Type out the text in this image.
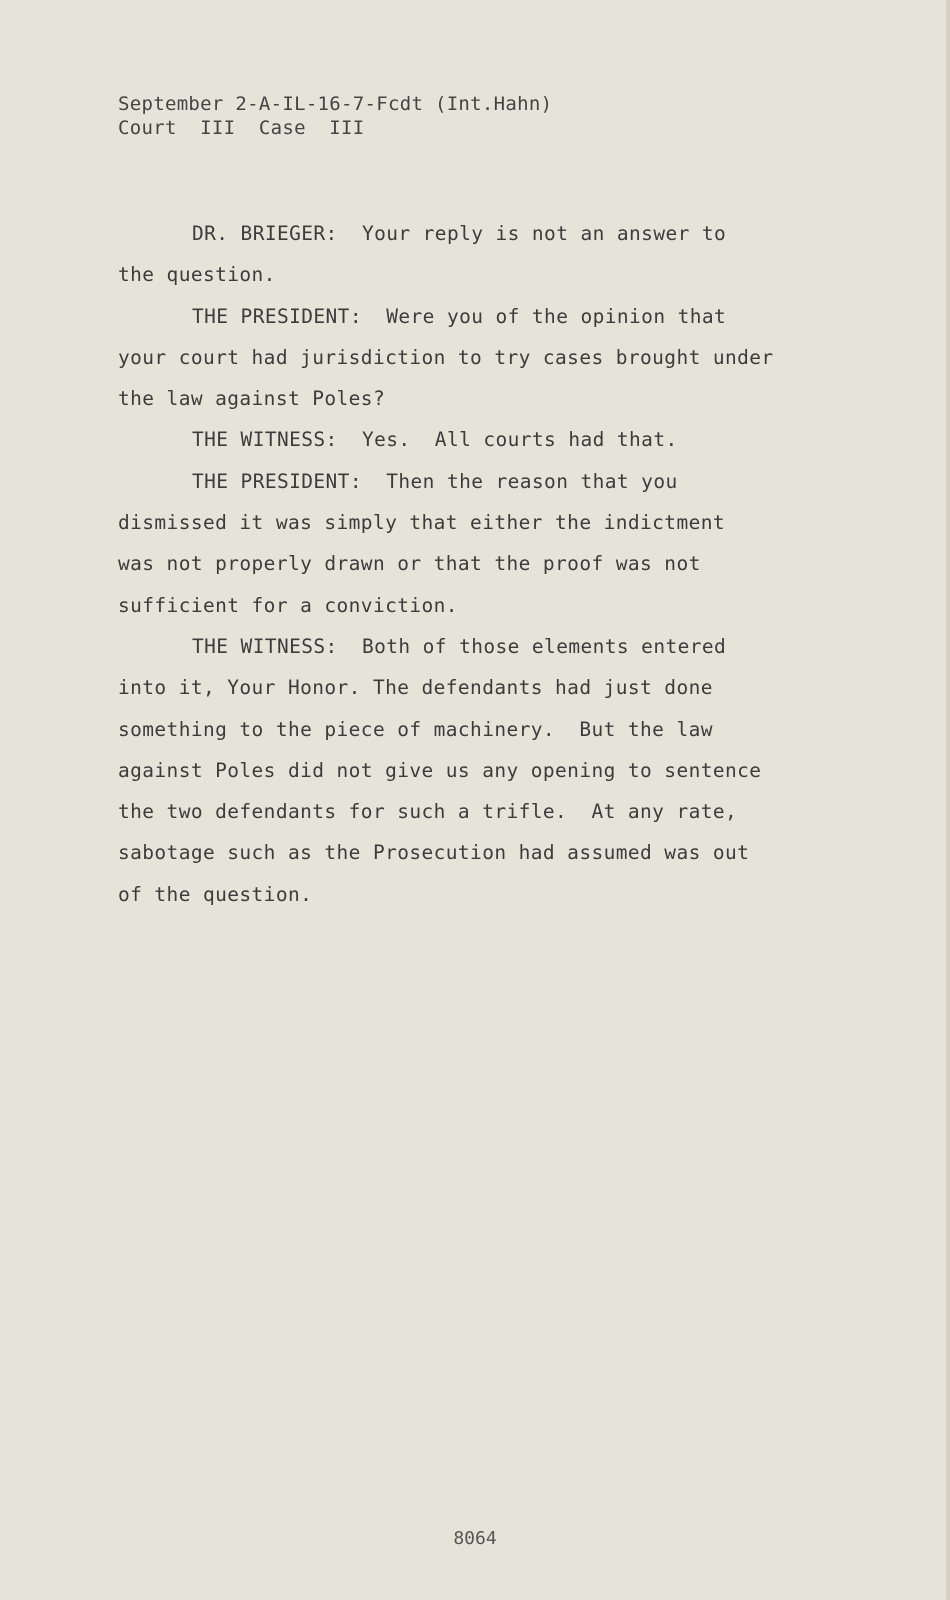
September 2-A-IL-16-7-Fcdt (Int.Hahn)
Court  III  Case  III
DR. BRIEGER:  Your reply is not an answer to
the question.
THE PRESIDENT:  Were you of the opinion that
your court had jurisdiction to try cases brought under
the law against Poles?
THE WITNESS:  Yes.  All courts had that.
THE PRESIDENT:  Then the reason that you
dismissed it was simply that either the indictment
was not properly drawn or that the proof was not
sufficient for a conviction.
THE WITNESS:  Both of those elements entered
into it, Your Honor. The defendants had just done
something to the piece of machinery.  But the law
against Poles did not give us any opening to sentence
the two defendants for such a trifle.  At any rate,
sabotage such as the Prosecution had assumed was out
of the question.
8064
